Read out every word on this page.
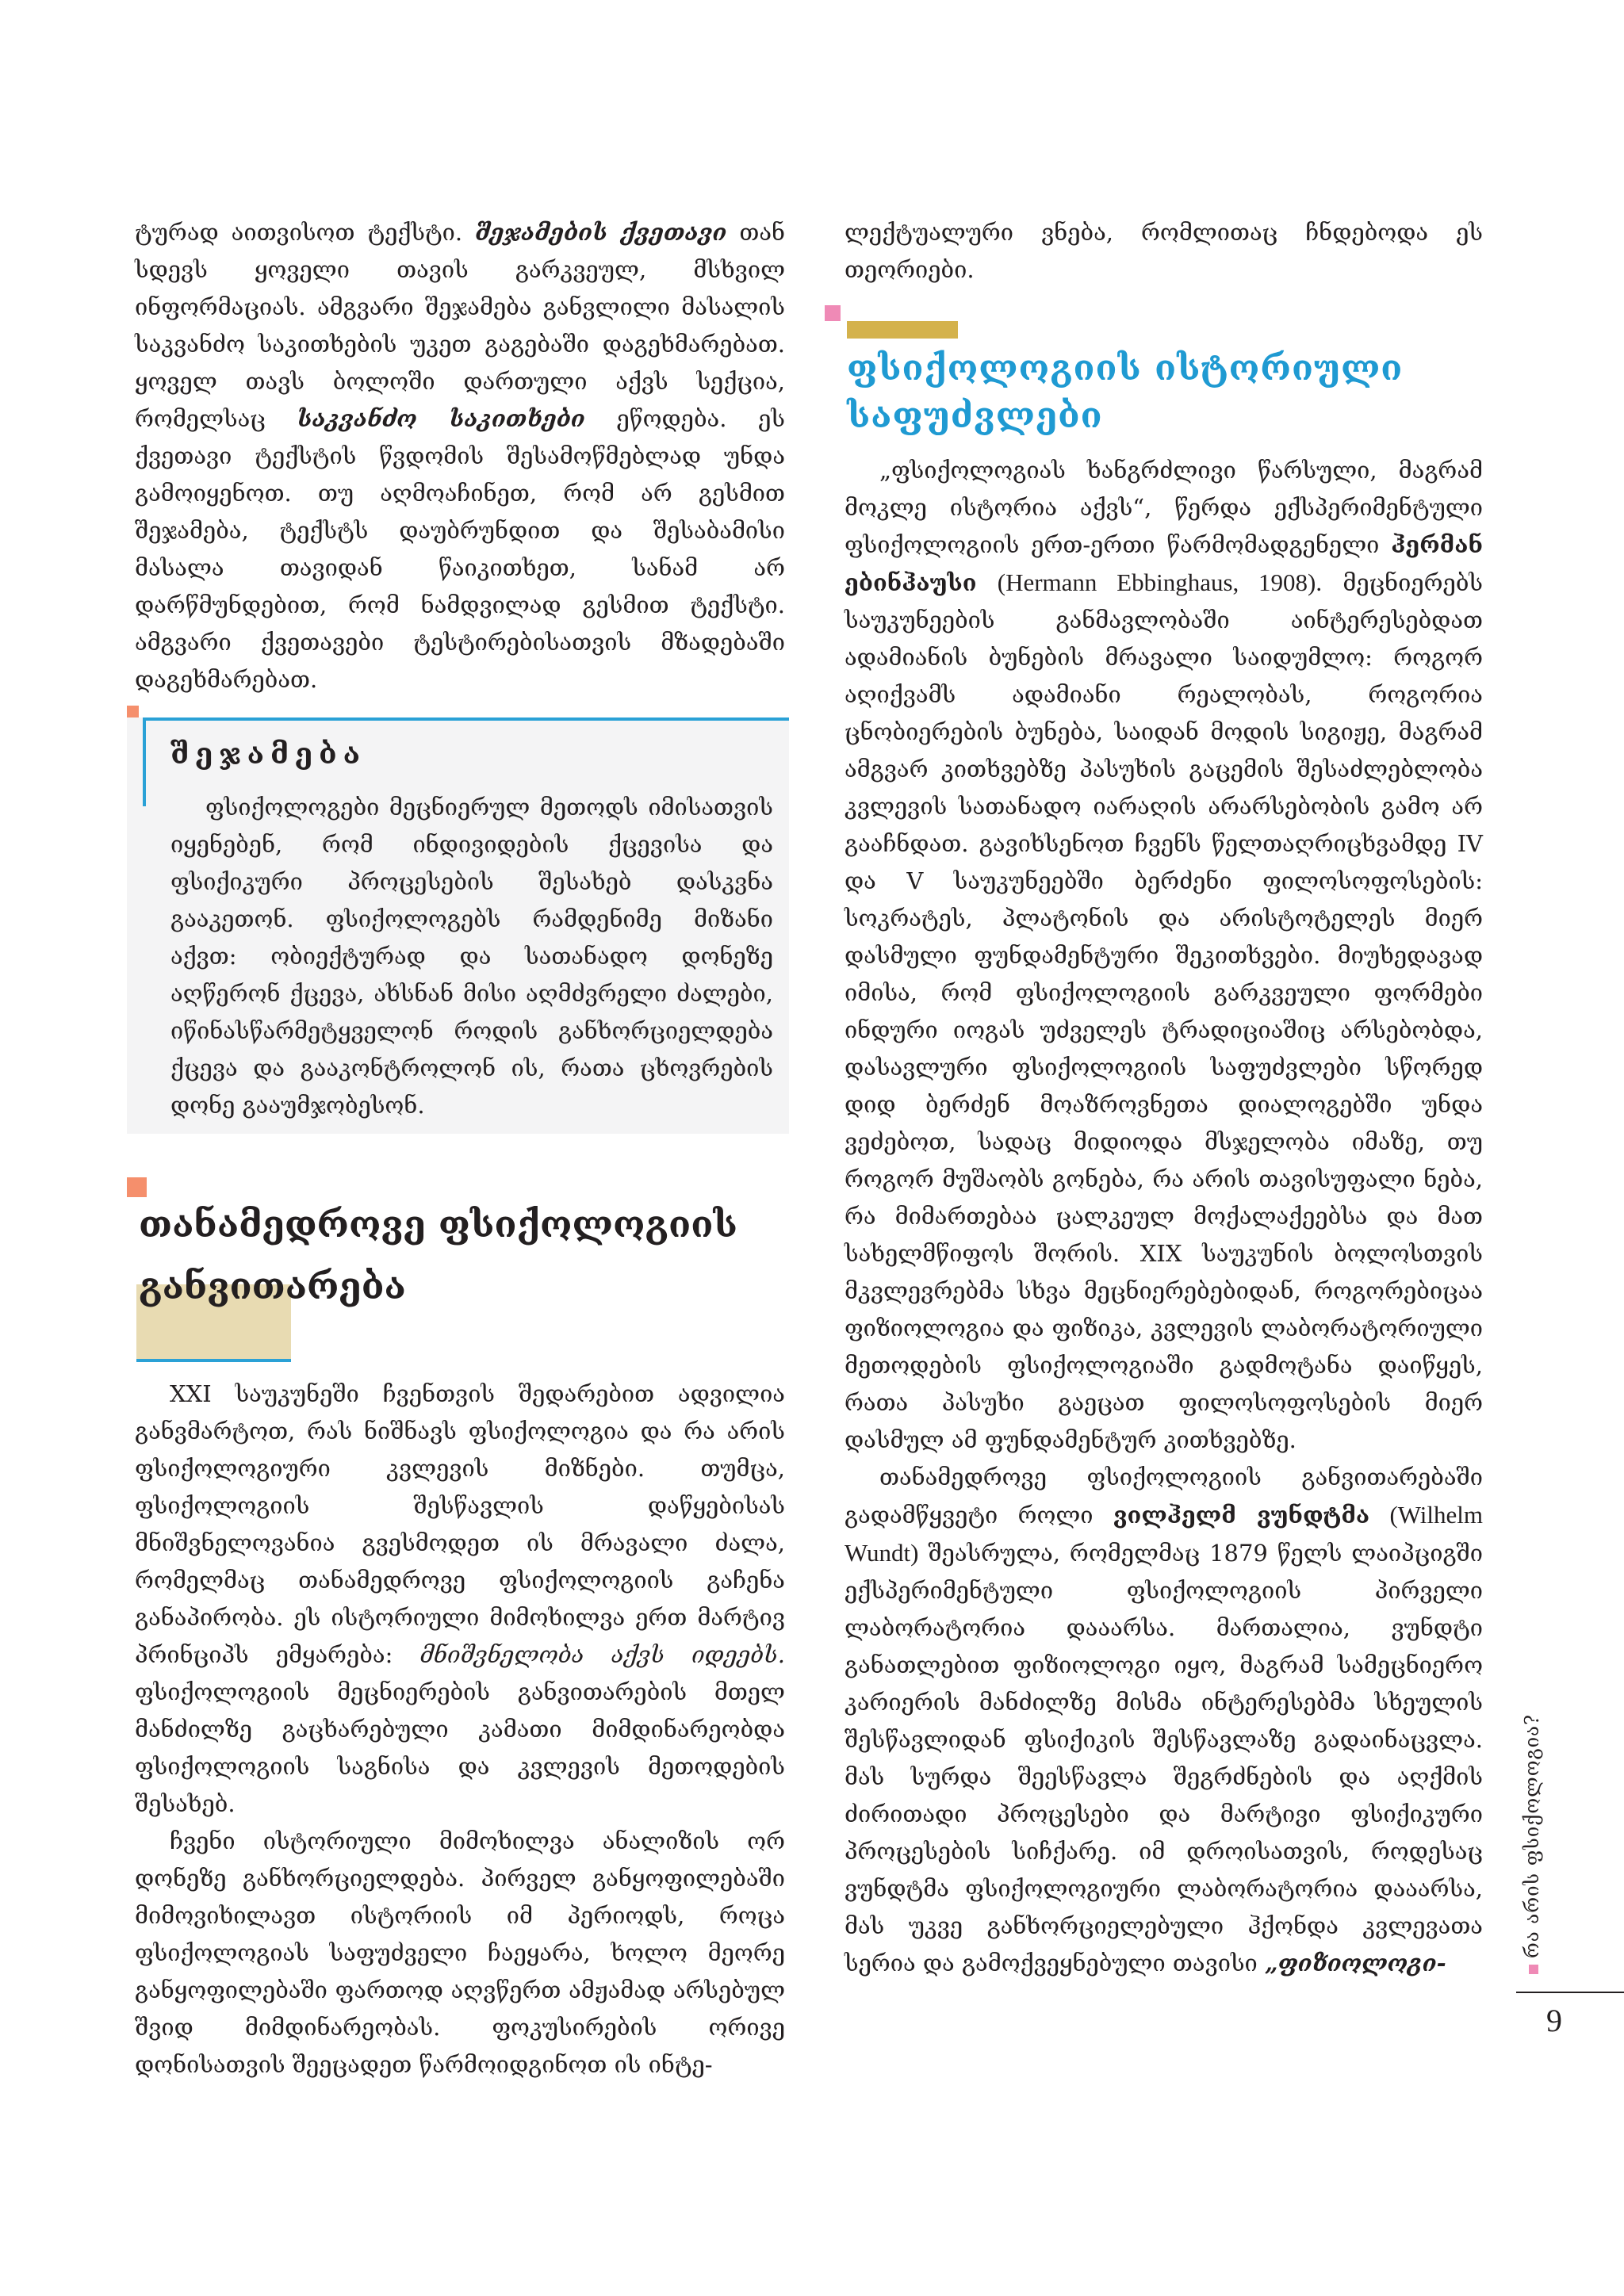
ტურად აითვისოთ ტექსტი. შეჯამების ქვეთავი თან სდევს ყოველი თავის გარკვეულ, მსხვილ ინფორმაციას. ამგვარი შეჯამება განვლილი მასალის საკვანძო საკითხების უკეთ გაგებაში დაგეხმარებათ. ყოველ თავს ბოლოში დართული აქვს სექცია, რომელსაც საკვანძო საკითხები ეწოდება. ეს ქვეთავი ტექსტის წვდომის შესამოწმებლად უნდა გამოიყენოთ. თუ აღმოაჩინეთ, რომ არ გესმით შეჯამება, ტექსტს დაუბრუნდით და შესაბამისი მასალა თავიდან წაიკითხეთ, სანამ არ დარწმუნდებით, რომ ნამდვილად გესმით ტექსტი. ამგვარი ქვეთავები ტესტირებისათვის მზადებაში დაგეხმარებათ.

შეჯამება

ფსიქოლოგები მეცნიერულ მეთოდს იმისათვის იყენებენ, რომ ინდივიდების ქცევისა და ფსიქიკური პროცესების შესახებ დასკვნა გააკეთონ. ფსიქოლოგებს რამდენიმე მიზანი აქვთ: ობიექტურად და სათანადო დონეზე აღწერონ ქცევა, ახსნან მისი აღმძვრელი ძალები, იწინასწარმეტყველონ როდის განხორციელდება ქცევა და გააკონტროლონ ის, რათა ცხოვრების დონე გააუმჯობესონ.

თანამედროვე ფსიქოლოგიის განვითარება

XXI საუკუნეში ჩვენთვის შედარებით ადვილია განვმარტოთ, რას ნიშნავს ფსიქოლოგია და რა არის ფსიქოლოგიური კვლევის მიზნები. თუმცა, ფსიქოლოგიის შესწავლის დაწყებისას მნიშვნელოვანია გვესმოდეთ ის მრავალი ძალა, რომელმაც თანამედროვე ფსიქოლოგიის გაჩენა განაპირობა. ეს ისტორიული მიმოხილვა ერთ მარტივ პრინციპს ემყარება: მნიშვნელობა აქვს იდეებს. ფსიქოლოგიის მეცნიერების განვითარების მთელ მანძილზე გაცხარებული კამათი მიმდინარეობდა ფსიქოლოგიის საგნისა და კვლევის მეთოდების შესახებ.

ჩვენი ისტორიული მიმოხილვა ანალიზის ორ დონეზე განხორციელდება. პირველ განყოფილებაში მიმოვიხილავთ ისტორიის იმ პერიოდს, როცა ფსიქოლოგიას საფუძველი ჩაეყარა, ხოლო მეორე განყოფილებაში ფართოდ აღვწერთ ამჟამად არსებულ შვიდ მიმდინარეობას. ფოკუსირების ორივე დონისათვის შეეცადეთ წარმოიდგინოთ ის ინტე-

ლექტუალური ვნება, რომლითაც ჩნდებოდა ეს თეორიები.

ფსიქოლოგიის ისტორიული საფუძვლები

„ფსიქოლოგიას ხანგრძლივი წარსული, მაგრამ მოკლე ისტორია აქვს“, წერდა ექსპერიმენტული ფსიქოლოგიის ერთ-ერთი წარმომადგენელი ჰერმან ებინჰაუსი (Hermann Ebbinghaus, 1908). მეცნიერებს საუკუნეების განმავლობაში აინტერესებდათ ადამიანის ბუნების მრავალი საიდუმლო: როგორ აღიქვამს ადამიანი რეალობას, როგორია ცნობიერების ბუნება, საიდან მოდის სიგიჟე, მაგრამ ამგვარ კითხვებზე პასუხის გაცემის შესაძლებლობა კვლევის სათანადო იარაღის არარსებობის გამო არ გააჩნდათ. გავიხსენოთ ჩვენს წელთაღრიცხვამდე IV და V საუკუნეებში ბერძენი ფილოსოფოსების: სოკრატეს, პლატონის და არისტოტელეს მიერ დასმული ფუნდამენტური შეკითხვები. მიუხედავად იმისა, რომ ფსიქოლოგიის გარკვეული ფორმები ინდური იოგას უძველეს ტრადიციაშიც არსებობდა, დასავლური ფსიქოლოგიის საფუძვლები სწორედ დიდ ბერძენ მოაზროვნეთა დიალოგებში უნდა ვეძებოთ, სადაც მიდიოდა მსჯელობა იმაზე, თუ როგორ მუშაობს გონება, რა არის თავისუფალი ნება, რა მიმართებაა ცალკეულ მოქალაქეებსა და მათ სახელმწიფოს შორის. XIX საუკუნის ბოლოსთვის მკვლევრებმა სხვა მეცნიერებებიდან, როგორებიცაა ფიზიოლოგია და ფიზიკა, კვლევის ლაბორატორიული მეთოდების ფსიქოლოგიაში გადმოტანა დაიწყეს, რათა პასუხი გაეცათ ფილოსოფოსების მიერ დასმულ ამ ფუნდამენტურ კითხვებზე.

თანამედროვე ფსიქოლოგიის განვითარებაში გადამწყვეტი როლი ვილჰელმ ვუნდტმა (Wilhelm Wundt) შეასრულა, რომელმაც 1879 წელს ლაიპციგში ექსპერიმენტული ფსიქოლოგიის პირველი ლაბორატორია დააარსა. მართალია, ვუნდტი განათლებით ფიზიოლოგი იყო, მაგრამ სამეცნიერო კარიერის მანძილზე მისმა ინტერესებმა სხეულის შესწავლიდან ფსიქიკის შესწავლაზე გადაინაცვლა. მას სურდა შეესწავლა შეგრძნების და აღქმის ძირითადი პროცესები და მარტივი ფსიქიკური პროცესების სიჩქარე. იმ დროისათვის, როდესაც ვუნდტმა ფსიქოლოგიური ლაბორატორია დააარსა, მას უკვე განხორციელებული ჰქონდა კვლევათა სერია და გამოქვეყნებული თავისი „ფიზიოლოგი-

რა არის ფსიქოლოგია?
9
